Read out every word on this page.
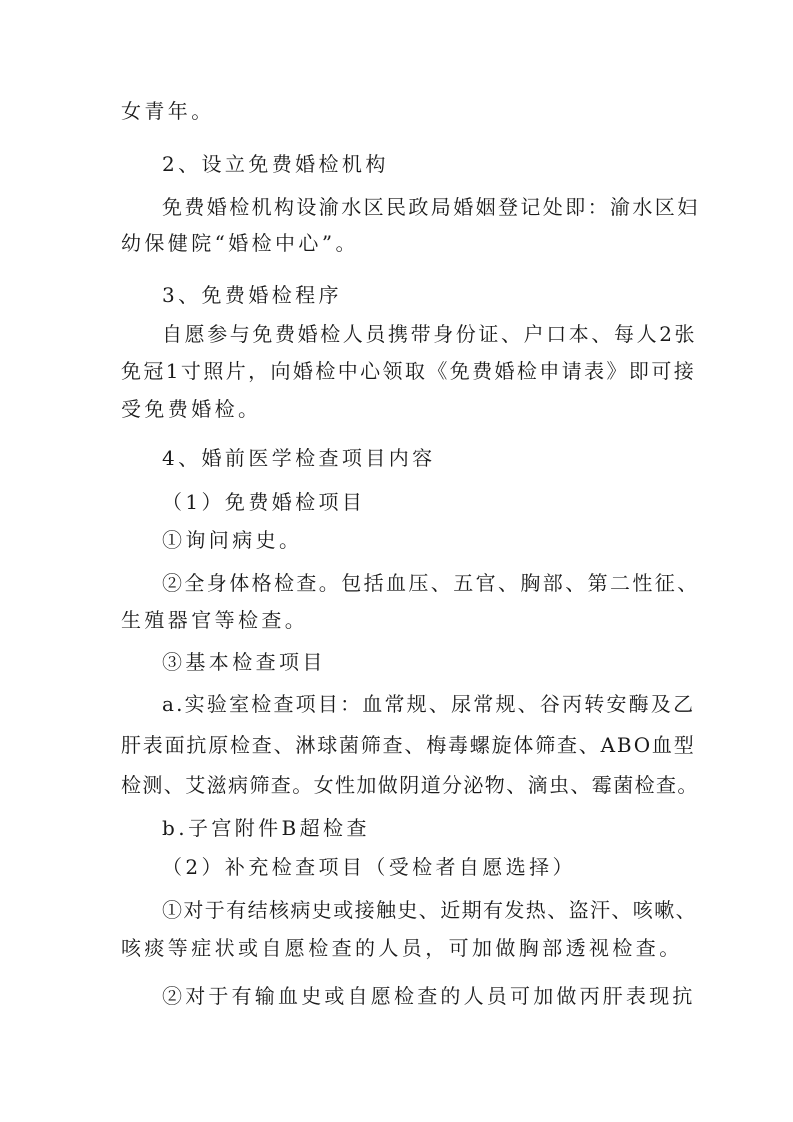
女青年。
2、设立免费婚检机构
免费婚检机构设渝水区民政局婚姻登记处即：渝水区妇
幼保健院“婚检中心”。
3、免费婚检程序
自愿参与免费婚检人员携带身份证、户口本、每人2张
免冠1寸照片，向婚检中心领取《免费婚检申请表》即可接
受免费婚检。
4、婚前医学检查项目内容
（1）免费婚检项目
①询问病史。
②全身体格检查。包括血压、五官、胸部、第二性征、
生殖器官等检查。
③基本检查项目
a.实验室检查项目：血常规、尿常规、谷丙转安酶及乙
肝表面抗原检查、淋球菌筛查、梅毒螺旋体筛查、ABO血型
检测、艾滋病筛查。女性加做阴道分泌物、滴虫、霉菌检查。
b.子宫附件B超检查
（2）补充检查项目（受检者自愿选择）
①对于有结核病史或接触史、近期有发热、盗汗、咳嗽、
咳痰等症状或自愿检查的人员，可加做胸部透视检查。
②对于有输血史或自愿检查的人员可加做丙肝表现抗
